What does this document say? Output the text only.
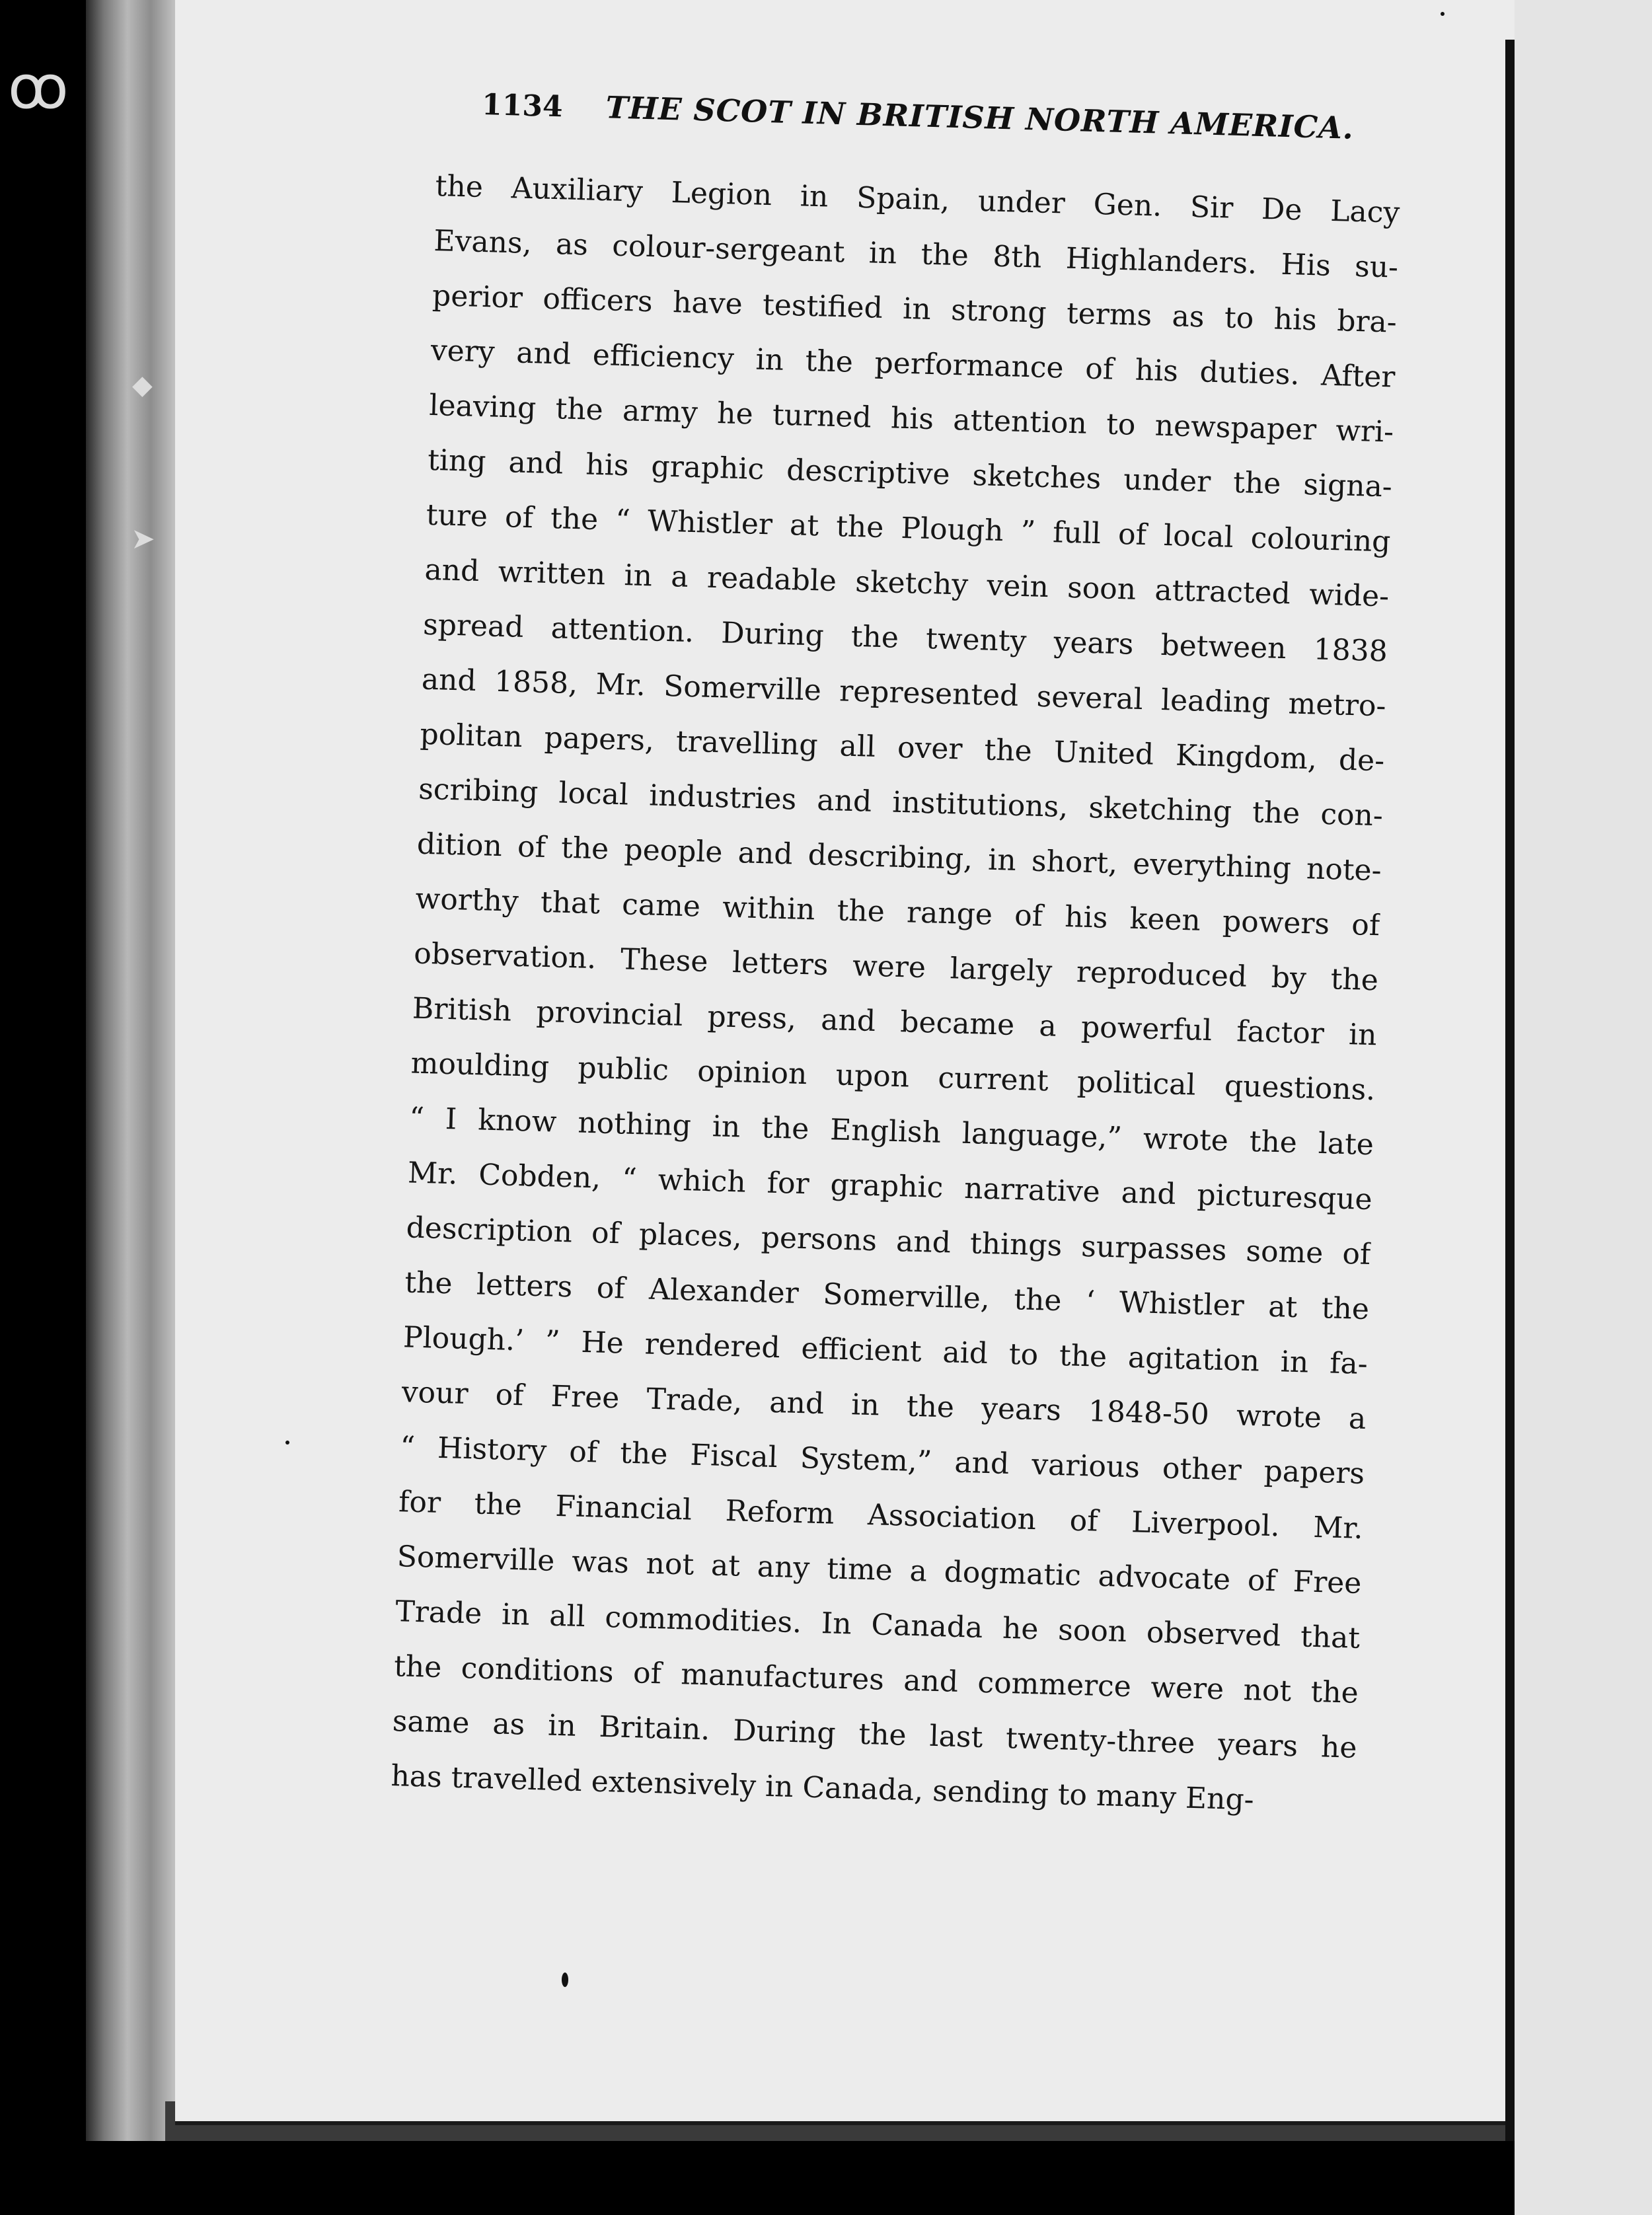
ꝏ
◆
➤
1134 THE SCOT IN BRITISH NORTH AMERICA.
the Auxiliary Legion in Spain, under Gen. Sir De Lacy
Evans, as colour-sergeant in the 8th Highlanders. His su-
perior officers have testified in strong terms as to his bra-
very and efficiency in the performance of his duties. After
leaving the army he turned his attention to newspaper wri-
ting and his graphic descriptive sketches under the signa-
ture of the “ Whistler at the Plough ” full of local colouring
and written in a readable sketchy vein soon attracted wide-
spread attention. During the twenty years between 1838
and 1858, Mr. Somerville represented several leading metro-
politan papers, travelling all over the United Kingdom, de-
scribing local industries and institutions, sketching the con-
dition of the people and describing, in short, everything note-
worthy that came within the range of his keen powers of
observation. These letters were largely reproduced by the
British provincial press, and became a powerful factor in
moulding public opinion upon current political questions.
“ I know nothing in the English language,” wrote the late
Mr. Cobden, “ which for graphic narrative and picturesque
description of places, persons and things surpasses some of
the letters of Alexander Somerville, the ‘ Whistler at the
Plough.’ ” He rendered efficient aid to the agitation in fa-
vour of Free Trade, and in the years 1848-50 wrote a
“ History of the Fiscal System,” and various other papers
for the Financial Reform Association of Liverpool. Mr.
Somerville was not at any time a dogmatic advocate of Free
Trade in all commodities. In Canada he soon observed that
the conditions of manufactures and commerce were not the
same as in Britain. During the last twenty-three years he
has travelled extensively in Canada, sending to many Eng-
